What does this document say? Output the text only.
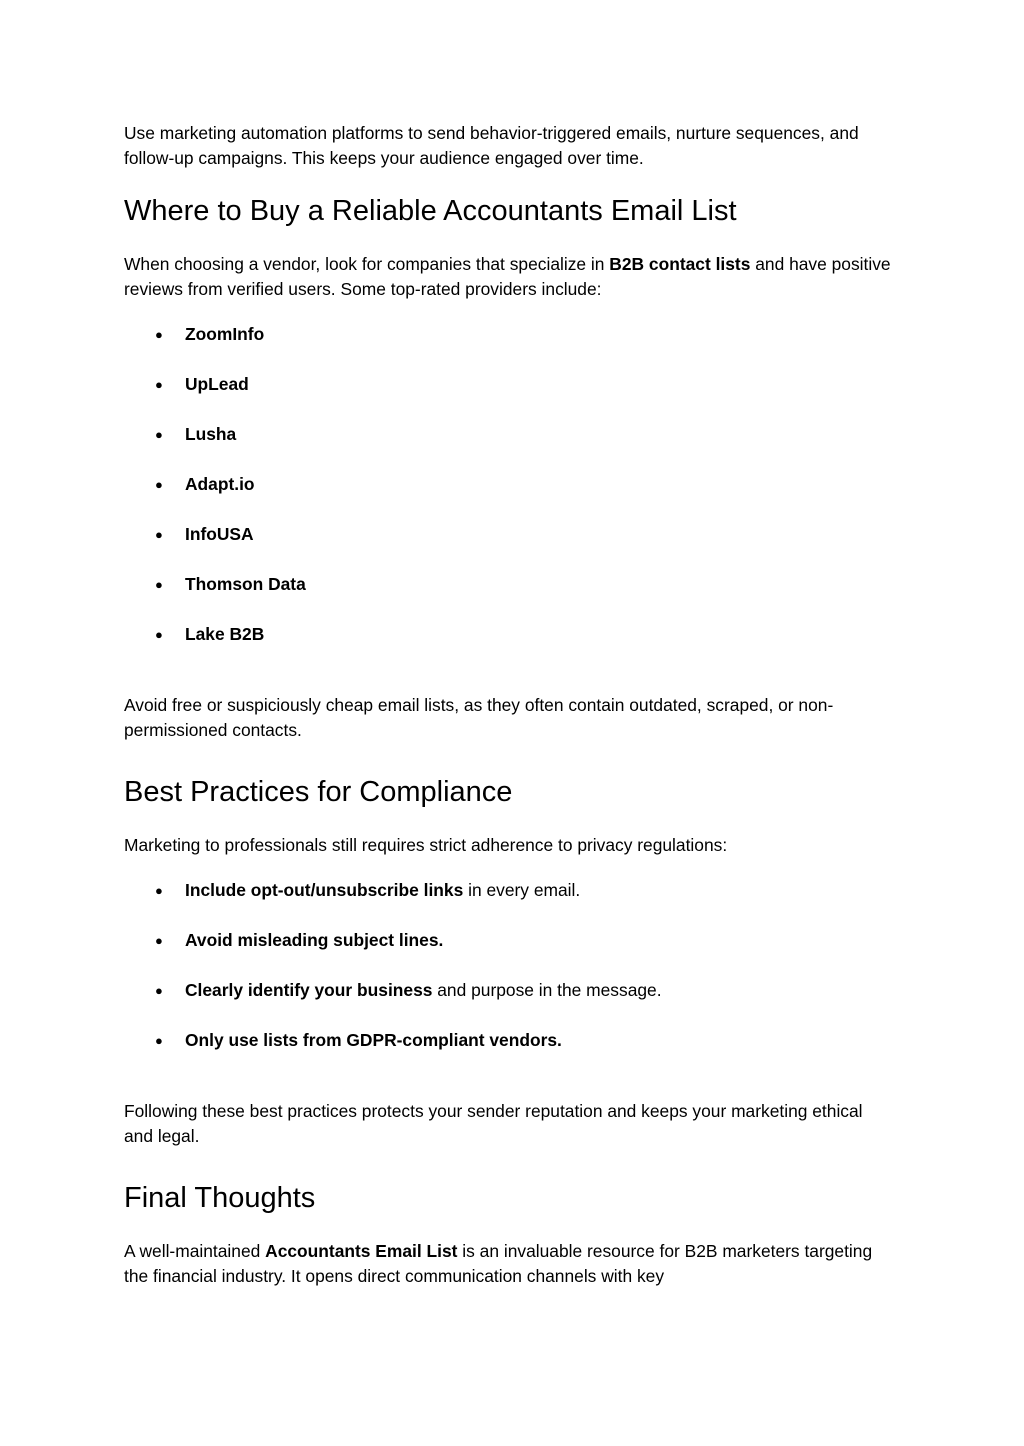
Use marketing automation platforms to send behavior-triggered emails, nurture sequences, and follow-up campaigns. This keeps your audience engaged over time.

Where to Buy a Reliable Accountants Email List

When choosing a vendor, look for companies that specialize in B2B contact lists and have positive reviews from verified users. Some top-rated providers include:

● ZoomInfo
● UpLead
● Lusha
● Adapt.io
● InfoUSA
● Thomson Data
● Lake B2B

Avoid free or suspiciously cheap email lists, as they often contain outdated, scraped, or non-permissioned contacts.

Best Practices for Compliance

Marketing to professionals still requires strict adherence to privacy regulations:

● Include opt-out/unsubscribe links in every email.
● Avoid misleading subject lines.
● Clearly identify your business and purpose in the message.
● Only use lists from GDPR-compliant vendors.

Following these best practices protects your sender reputation and keeps your marketing ethical and legal.

Final Thoughts

A well-maintained Accountants Email List is an invaluable resource for B2B marketers targeting the financial industry. It opens direct communication channels with key
